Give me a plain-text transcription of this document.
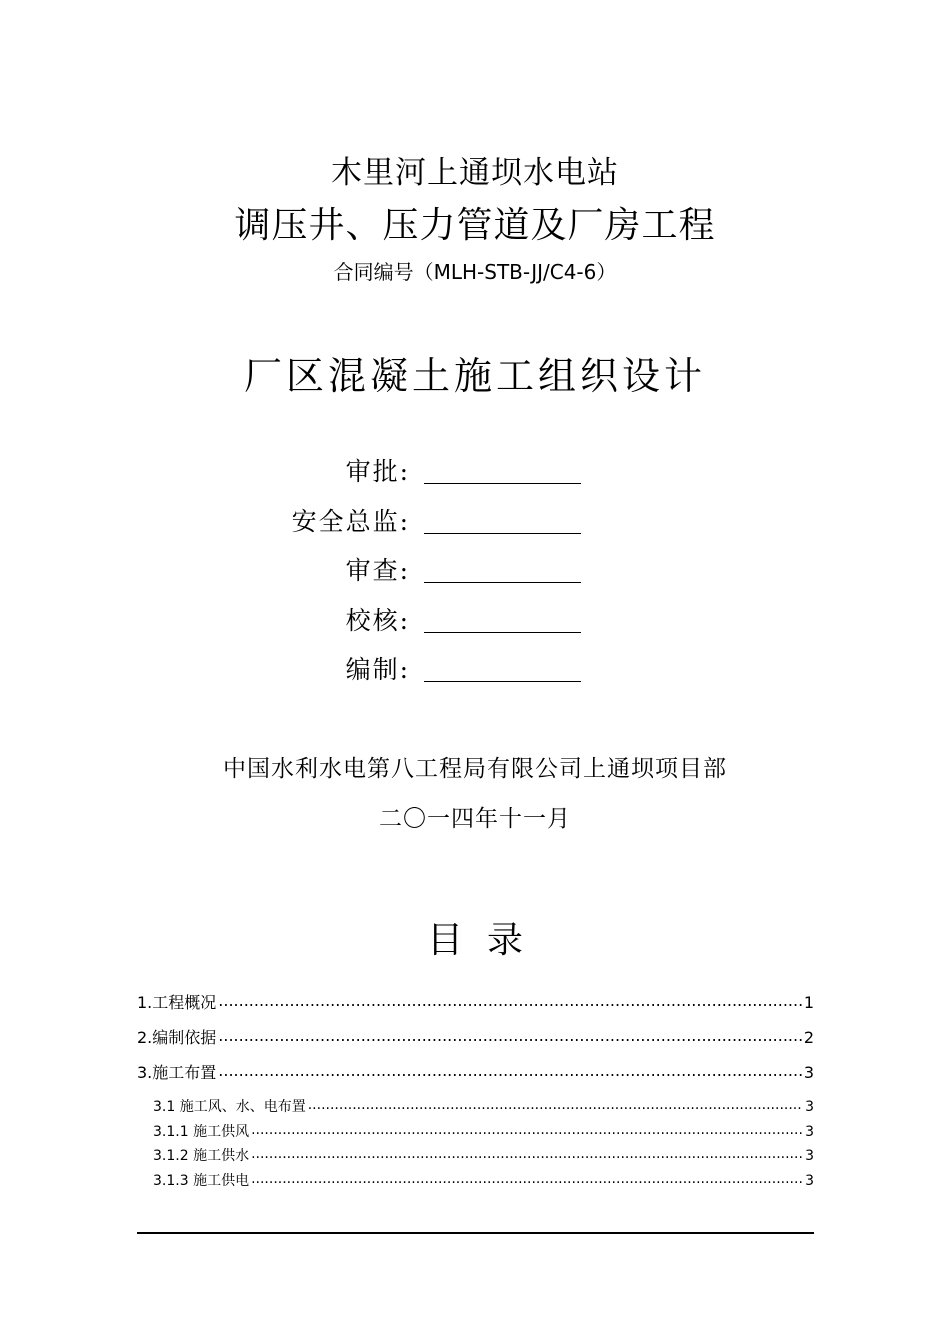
木里河上通坝水电站
调压井、压力管道及厂房工程
合同编号（MLH-STB-JJ/C4-6）
厂区混凝土施工组织设计
审批:
安全总监:
审查:
校核:
编制:
中国水利水电第八工程局有限公司上通坝项目部
二〇一四年十一月
目录
1.工程概况 .....	1
2.编制依据 .....	2
3.施工布置 .....	3
3.1 施工风、水、电布置 .....	3
3.1.1 施工供风 .....	3
3.1.2 施工供水 .....	3
3.1.3 施工供电 .....	3
